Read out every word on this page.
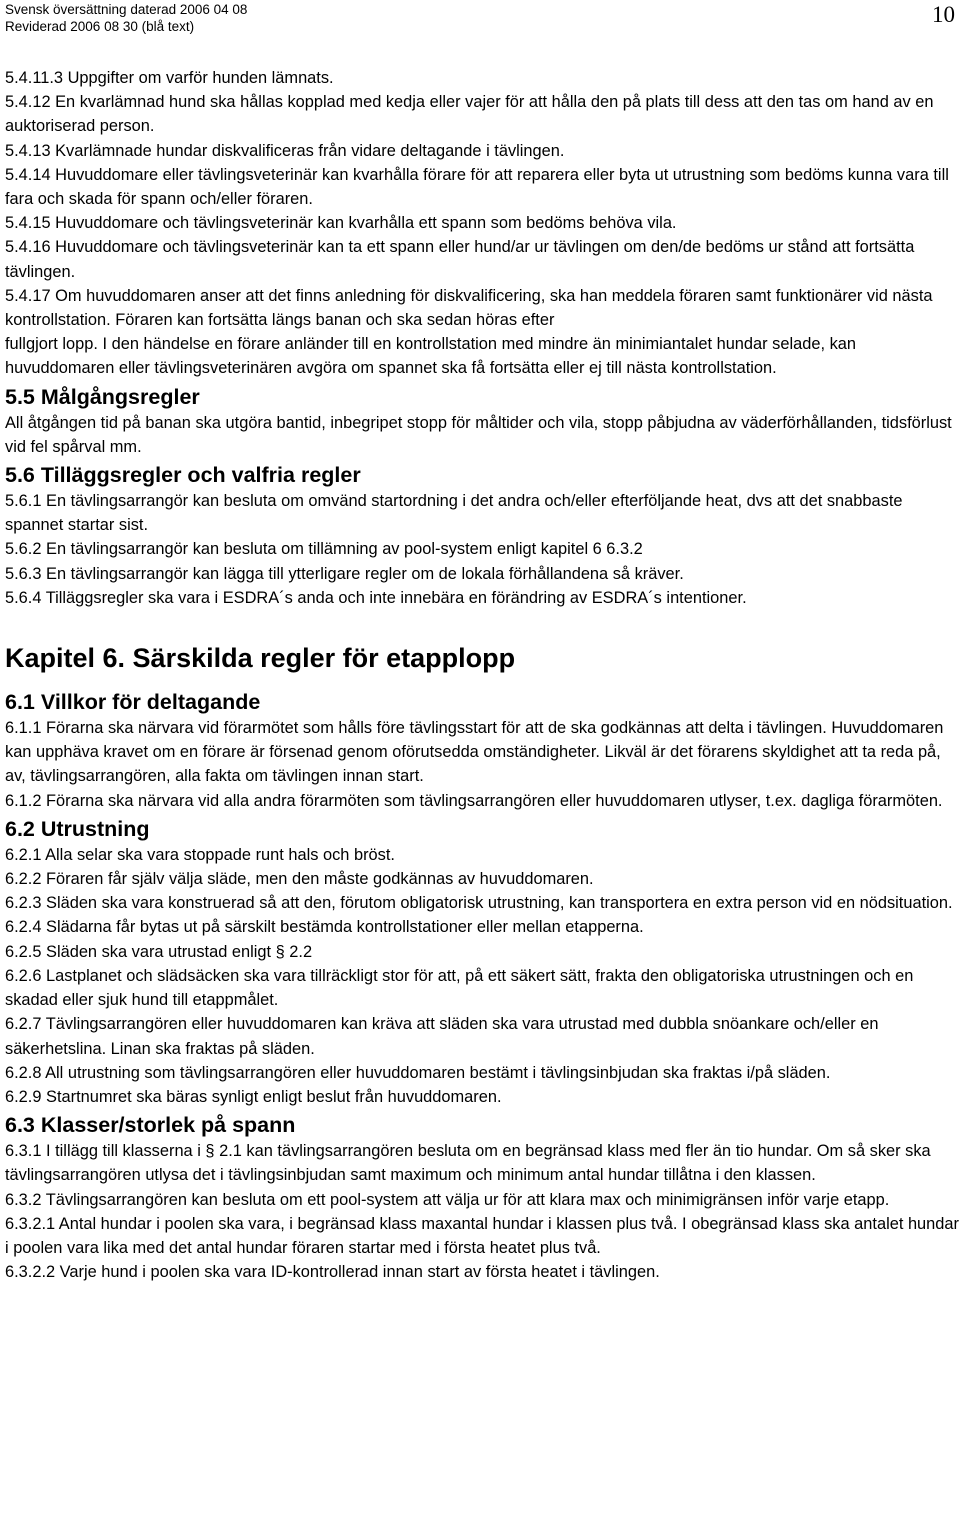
Svensk översättning daterad 2006 04 08
Reviderad 2006 08 30 (blå text)	10

5.4.11.3 Uppgifter om varför hunden lämnats.

5.4.12 En kvarlämnad hund ska hållas kopplad med kedja eller vajer för att hålla den på plats till dess att den tas om hand av en auktoriserad person.

5.4.13 Kvarlämnade hundar diskvalificeras från vidare deltagande i tävlingen.

5.4.14 Huvuddomare eller tävlingsveterinär kan kvarhålla förare för att reparera eller byta ut utrustning som bedöms kunna vara till fara och skada för spann och/eller föraren.

5.4.15 Huvuddomare och tävlingsveterinär kan kvarhålla ett spann som bedöms behöva vila.

5.4.16 Huvuddomare och tävlingsveterinär kan ta ett spann eller hund/ar ur tävlingen om den/de bedöms ur stånd att fortsätta tävlingen.

5.4.17 Om huvuddomaren anser att det finns anledning för diskvalificering, ska han meddela föraren samt funktionärer vid nästa kontrollstation. Föraren kan fortsätta längs banan och ska sedan höras efter

fullgjort lopp. I den händelse en förare anländer till en kontrollstation med mindre än minimiantalet hundar selade, kan huvuddomaren eller tävlingsveterinären avgöra om spannet ska få fortsätta eller ej till nästa kontrollstation.

5.5 Målgångsregler

All åtgången tid på banan ska utgöra bantid, inbegripet stopp för måltider och vila, stopp påbjudna av väderförhållanden, tidsförlust vid fel spårval mm.

5.6 Tilläggsregler och valfria regler

5.6.1 En tävlingsarrangör kan besluta om omvänd startordning i det andra och/eller efterföljande heat, dvs att det snabbaste spannet startar sist.

5.6.2 En tävlingsarrangör kan besluta om tillämning av pool-system enligt kapitel 6 6.3.2

5.6.3 En tävlingsarrangör kan lägga till ytterligare regler om de lokala förhållandena så kräver.

5.6.4 Tilläggsregler ska vara i ESDRA´s anda och inte innebära en förändring av ESDRA´s intentioner.

Kapitel 6. Särskilda regler för etapplopp
6.1 Villkor för deltagande

6.1.1 Förarna ska närvara vid förarmötet som hålls före tävlingsstart för att de ska godkännas att delta i tävlingen. Huvuddomaren kan upphäva kravet om en förare är försenad genom oförutsedda omständigheter. Likväl är det förarens skyldighet att ta reda på, av, tävlingsarrangören, alla fakta om tävlingen innan start.

6.1.2 Förarna ska närvara vid alla andra förarmöten som tävlingsarrangören eller huvuddomaren utlyser, t.ex. dagliga förarmöten.

6.2 Utrustning

6.2.1 Alla selar ska vara stoppade runt hals och bröst.

6.2.2 Föraren får själv välja släde, men den måste godkännas av huvuddomaren.

6.2.3 Släden ska vara konstruerad så att den, förutom obligatorisk utrustning, kan transportera en extra person vid en nödsituation.

6.2.4 Slädarna får bytas ut på särskilt bestämda kontrollstationer eller mellan etapperna.

6.2.5 Släden ska vara utrustad enligt § 2.2

6.2.6 Lastplanet och slädsäcken ska vara tillräckligt stor för att, på ett säkert sätt, frakta den obligatoriska utrustningen och en skadad eller sjuk hund till etappmålet.

6.2.7 Tävlingsarrangören eller huvuddomaren kan kräva att släden ska vara utrustad med dubbla snöankare och/eller en säkerhetslina. Linan ska fraktas på släden.

6.2.8 All utrustning som tävlingsarrangören eller huvuddomaren bestämt i tävlingsinbjudan ska fraktas i/på släden.

6.2.9 Startnumret ska bäras synligt enligt beslut från huvuddomaren.

6.3 Klasser/storlek på spann

6.3.1 I tillägg till klasserna i § 2.1 kan tävlingsarrangören besluta om en begränsad klass med fler än tio hundar. Om så sker ska tävlingsarrangören utlysa det i tävlingsinbjudan samt maximum och minimum antal hundar tillåtna i den klassen.

6.3.2 Tävlingsarrangören kan besluta om ett pool-system att välja ur för att klara max och minimigränsen inför varje etapp.

6.3.2.1 Antal hundar i poolen ska vara, i begränsad klass maxantal hundar i klassen plus två. I obegränsad klass ska antalet hundar i poolen vara lika med det antal hundar föraren startar med i första heatet plus två.

6.3.2.2 Varje hund i poolen ska vara ID-kontrollerad innan start av första heatet i tävlingen.
